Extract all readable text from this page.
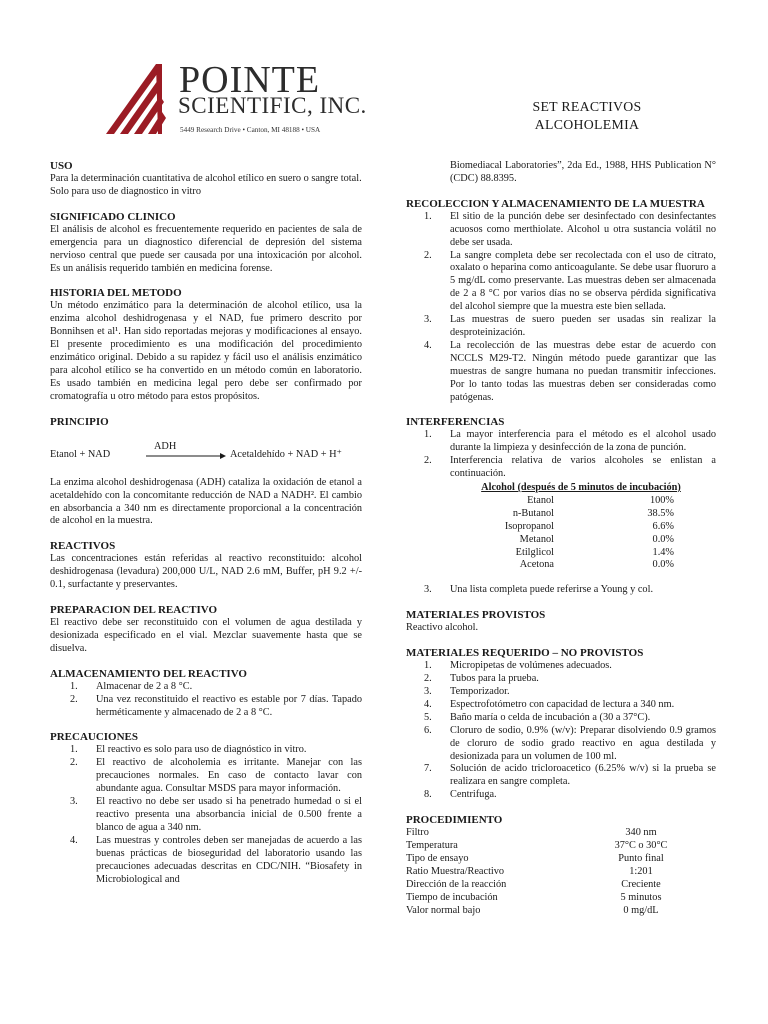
POINTE
SCIENTIFIC, INC.
5449 Research Drive • Canton, MI 48188 • USA
SET REACTIVOS
ALCOHOLEMIA
USO
Para la determinación cuantitativa de alcohol etílico en suero o sangre total.
Solo para uso de diagnostico in vitro
SIGNIFICADO CLINICO
El análisis de alcohol es frecuentemente requerido en pacientes de sala de emergencia para un diagnostico diferencial de depresión del sistema nervioso central que puede ser causada por una intoxicación por alcohol. Es un análisis requerido también en medicina forense.
HISTORIA DEL METODO
Un método enzimático para la determinación de alcohol etílico, usa la enzima alcohol deshidrogenasa y el NAD, fue primero descrito por Bonnihsen et al¹. Han sido reportadas mejoras y modificaciones al ensayo. El presente procedimiento es una modificación del procedimiento enzimático original. Debido a su rapidez y fácil uso el análisis enzimático para alcohol etílico se ha convertido en un método común en laboratorio. Es usado también en medicina legal pero debe ser confirmado por cromatografía u otro método para estos propósitos.
PRINCIPIO
Etanol + NAD
ADH
Acetaldehído + NAD + H⁺
La enzima alcohol deshidrogenasa (ADH) cataliza la oxidación de etanol a acetaldehído con la concomitante reducción de NAD a NADH². El cambio en absorbancia a 340 nm es directamente proporcional a la concentración de alcohol en la muestra.
REACTIVOS
Las concentraciones están referidas al reactivo reconstituido: alcohol deshidrogenasa (levadura) 200,000 U/L, NAD 2.6 mM, Buffer, pH 9.2 +/- 0.1, surfactante y preservantes.
PREPARACION DEL REACTIVO
El reactivo debe ser reconstituido con el volumen de agua destilada y desionizada especificado en el vial. Mezclar suavemente hasta que se disuelva.
ALMACENAMIENTO DEL REACTIVO
1. Almacenar de 2 a 8 °C.
2. Una vez reconstituido el reactivo es estable por 7 días. Tapado herméticamente y almacenado de 2 a 8 °C.
PRECAUCIONES
1. El reactivo es solo para uso de diagnóstico in vitro.
2. El reactivo de alcoholemia es irritante. Manejar con las precauciones normales. En caso de contacto lavar con abundante agua. Consultar MSDS para mayor información.
3. El reactivo no debe ser usado si ha penetrado humedad o si el reactivo presenta una absorbancia inicial de 0.500 frente a blanco de agua a 340 nm.
4. Las muestras y controles deben ser manejadas de acuerdo a las buenas prácticas de bioseguridad del laboratorio usando las precauciones adecuadas descritas en CDC/NIH. “Biosafety in Microbiological and
Biomediacal Laboratories”, 2da Ed., 1988, HHS Publication N° (CDC) 88.8395.
RECOLECCION Y ALMACENAMIENTO DE LA MUESTRA
1. El sitio de la punción debe ser desinfectado con desinfectantes acuosos como merthiolate. Alcohol u otra sustancia volátil no debe ser usada.
2. La sangre completa debe ser recolectada con el uso de citrato, oxalato o heparina como anticoagulante. Se debe usar fluoruro a 5 mg/dL como preservante. Las muestras deben ser almacenada de 2 a 8 °C por varios días no se observa pérdida significativa del alcohol siempre que la muestra este bien sellada.
3. Las muestras de suero pueden ser usadas sin realizar la desproteinización.
4. La recolección de las muestras debe estar de acuerdo con NCCLS M29-T2. Ningún método puede garantizar que las muestras de sangre humana no puedan transmitir infecciones. Por lo tanto todas las muestras deben ser consideradas como patógenas.
INTERFERENCIAS
1. La mayor interferencia para el método es el alcohol usado durante la limpieza y desinfección de la zona de punción.
2. Interferencia relativa de varios alcoholes se enlistan a continuación.
Alcohol (después de 5 minutos de incubación)
Etanol	100%
n-Butanol	38.5%
Isopropanol	6.6%
Metanol	0.0%
Etilglicol	1.4%
Acetona	0.0%
3. Una lista completa puede referirse a Young y col.
MATERIALES PROVISTOS
Reactivo alcohol.
MATERIALES REQUERIDO – NO PROVISTOS
1. Micropipetas de volúmenes adecuados.
2. Tubos para la prueba.
3. Temporizador.
4. Espectrofotómetro con capacidad de lectura a 340 nm.
5. Baño maría o celda de incubación a (30 a 37°C).
6. Cloruro de sodio, 0.9% (w/v): Preparar disolviendo 0.9 gramos de cloruro de sodio grado reactivo en agua destilada y desionizada para un volumen de 100 ml.
7. Solución de acido tricloroacetico (6.25% w/v) si la prueba se realizara en sangre completa.
8. Centrifuga.
PROCEDIMIENTO
Filtro	340 nm
Temperatura	37°C o 30°C
Tipo de ensayo	Punto final
Ratio Muestra/Reactivo	1:201
Dirección de la reacción	Creciente
Tiempo de incubación	5 minutos
Valor normal bajo	0 mg/dL
